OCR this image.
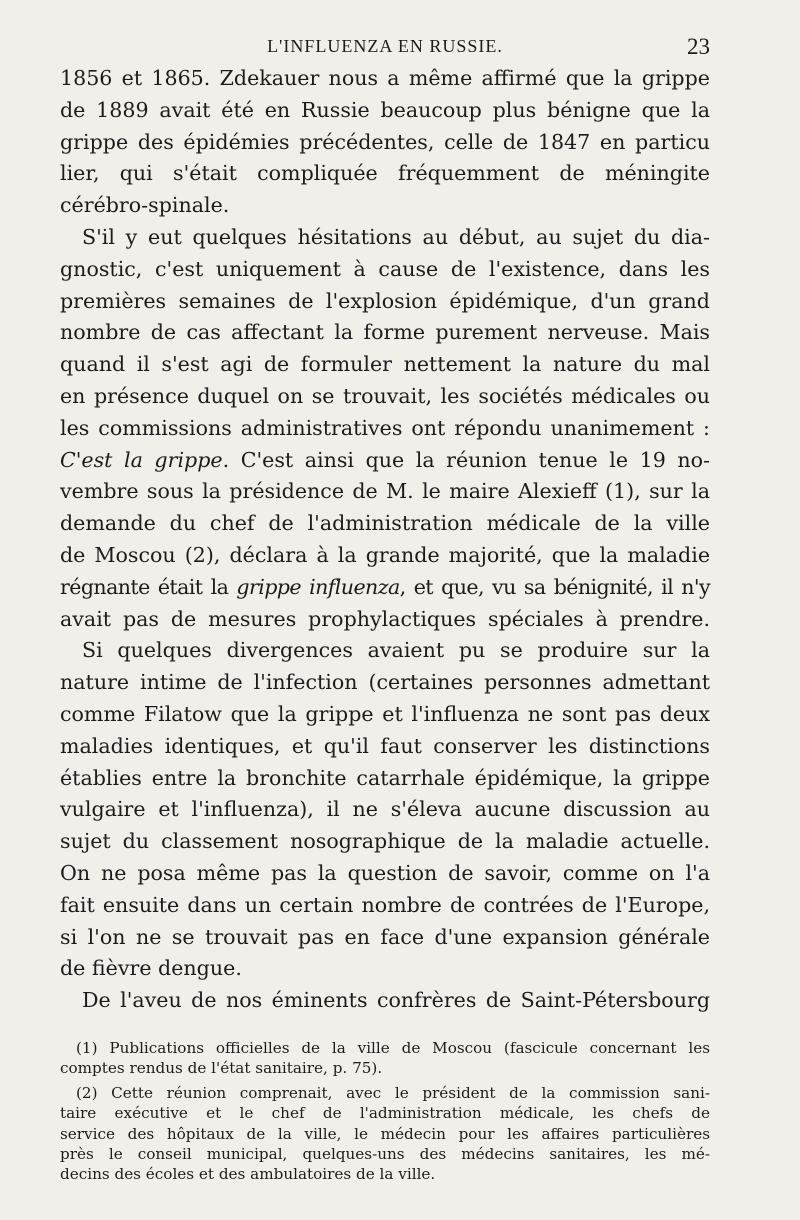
L'INFLUENZA EN RUSSIE.	23
1856 et 1865. Zdekauer nous a même affirmé que la grippe
de 1889 avait été en Russie beaucoup plus bénigne que la
grippe des épidémies précédentes, celle de 1847 en particu
lier, qui s'était compliquée fréquemment de méningite
cérébro-spinale.
S'il y eut quelques hésitations au début, au sujet du dia-
gnostic, c'est uniquement à cause de l'existence, dans les
premières semaines de l'explosion épidémique, d'un grand
nombre de cas affectant la forme purement nerveuse. Mais
quand il s'est agi de formuler nettement la nature du mal
en présence duquel on se trouvait, les sociétés médicales ou
les commissions administratives ont répondu unanimement :
C'est la grippe. C'est ainsi que la réunion tenue le 19 no-
vembre sous la présidence de M. le maire Alexieff (1), sur la
demande du chef de l'administration médicale de la ville
de Moscou (2), déclara à la grande majorité, que la maladie
régnante était la grippe influenza, et que, vu sa bénignité, il n'y
avait pas de mesures prophylactiques spéciales à prendre.
Si quelques divergences avaient pu se produire sur la
nature intime de l'infection (certaines personnes admettant
comme Filatow que la grippe et l'influenza ne sont pas deux
maladies identiques, et qu'il faut conserver les distinctions
établies entre la bronchite catarrhale épidémique, la grippe
vulgaire et l'influenza), il ne s'éleva aucune discussion au
sujet du classement nosographique de la maladie actuelle.
On ne posa même pas la question de savoir, comme on l'a
fait ensuite dans un certain nombre de contrées de l'Europe,
si l'on ne se trouvait pas en face d'une expansion générale
de fièvre dengue.
De l'aveu de nos éminents confrères de Saint-Pétersbourg
(1) Publications officielles de la ville de Moscou (fascicule concernant les
comptes rendus de l'état sanitaire, p. 75).
(2) Cette réunion comprenait, avec le président de la commission sani-
taire exécutive et le chef de l'administration médicale, les chefs de
service des hôpitaux de la ville, le médecin pour les affaires particulières
près le conseil municipal, quelques-uns des médecins sanitaires, les mé-
decins des écoles et des ambulatoires de la ville.
